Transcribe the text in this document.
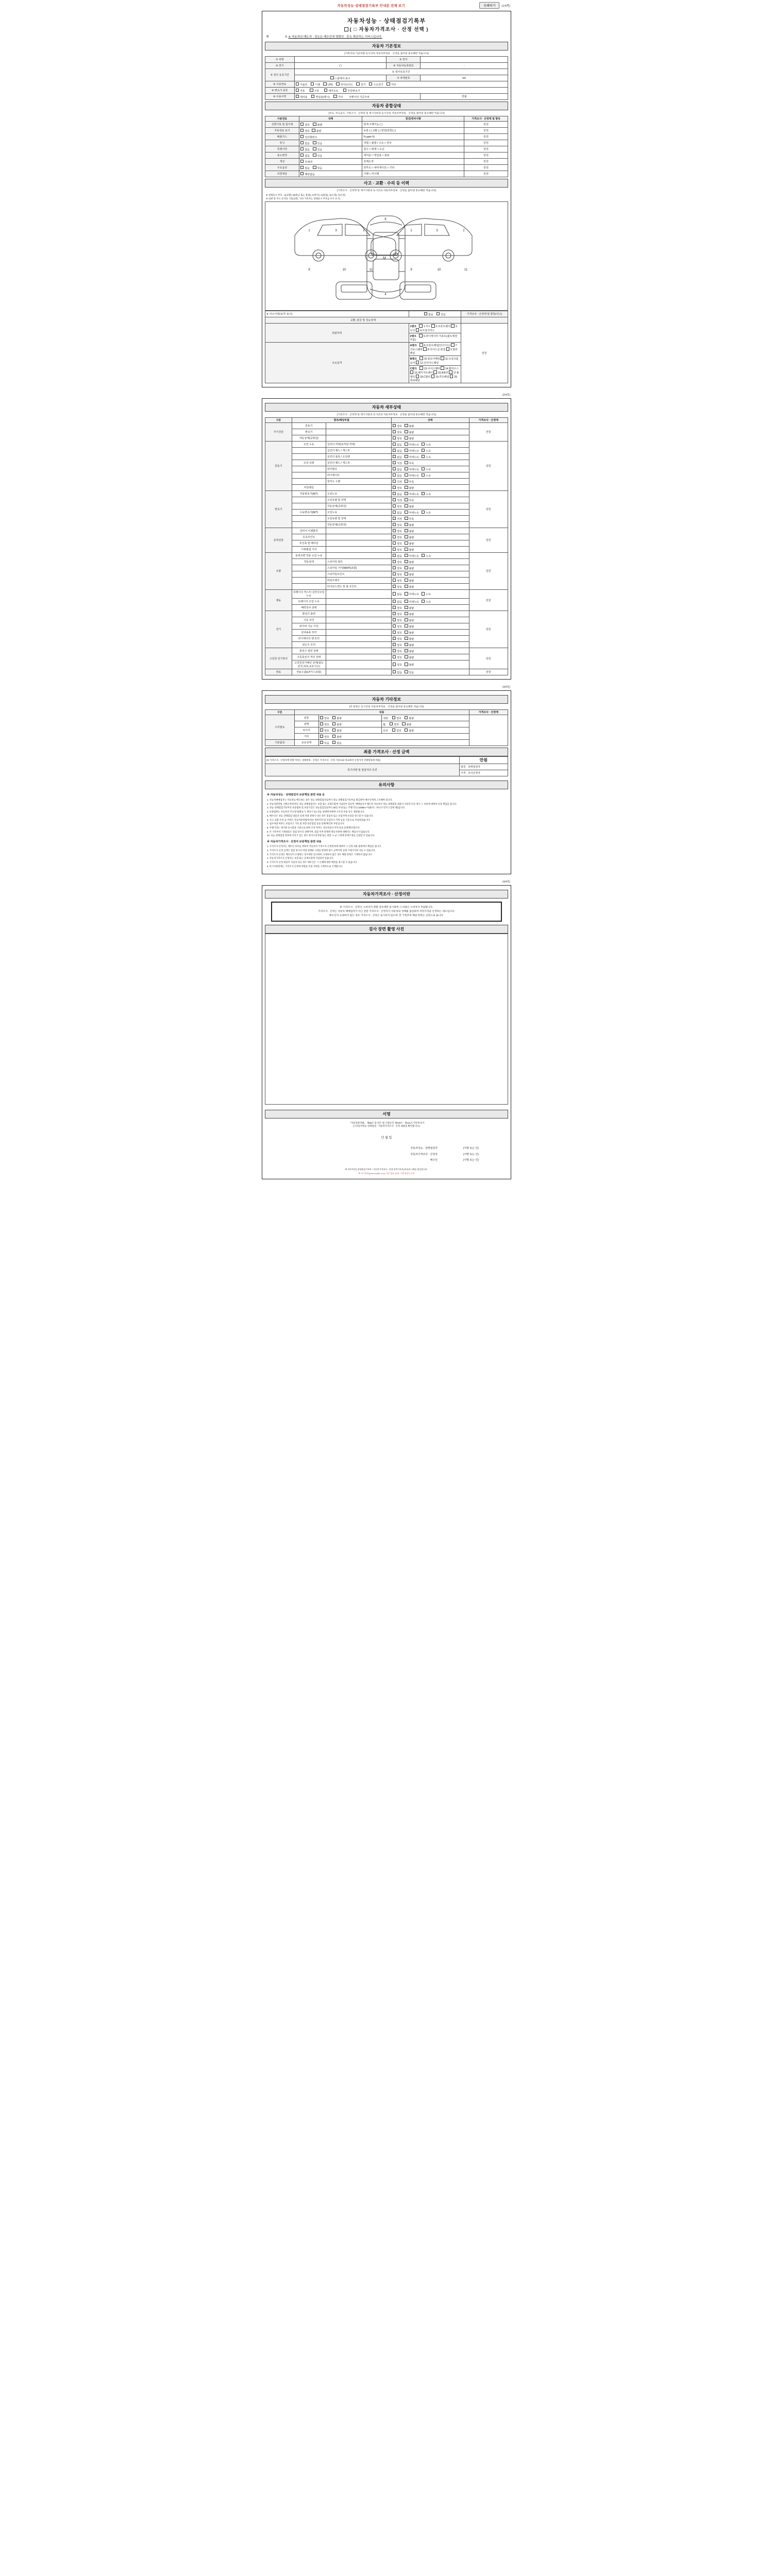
자동차성능·상태점검기록부 안내문 전체 보기	인쇄하기	(1/4쪽)
자동차성능 · 상태점검기록부
( □ 자동차가격조사 · 산정 선택 )
제	호 ※ 자동차의 매도자 · 성능은 매수인에 명확히 · 중요 제공하는 서비스입니다.
자동차 기본정보
[기록자의 기준차량 등시간의 자동차부정보 · 산정을 참아낸 중요해만 적습니다]
① 차명		② 연식	
③ 연식	( )	④ 자동차등록번호	-
⑤ 검사 유효기간	② 검사유효기간		
	□ 판매가 표시	⑦ 차대번호	km
⑧ 사용연료	가솔린 디젤 LPG 하이브리드 전기 수소전기 기타		
⑨ 변속기 종류	자동 수동 세미오토 무단변속기		
⑩ 사용이력	대여용 영업용(택시) 기타 주행거리 기준주차		연월
자동차 종합상태
[주요, 주요골조, 기록조사 · 산정의 및 제기사항과 등시간의 자동차부정보 · 산정을 참아낸 중요해만 적습니다]
사용연료	상태	점검/정비사항	가격조사 · 산정액 및 항목
선향기록 및 첨가제	양호 불량	현재 주행가능 ( )	만원
자동연료 보기	양호 불량	보충 ( ) 교환 ( ) 방전(연한) ( )	만원
배출가스	일산화탄소	% ppm %	만원
튜닝	없음 있음	적법 □ 불법 / 구조 □ 장치	만원
특별이력	없음 있음	침수 □ 화재 □ 도난	만원
용도변경	없음 있음	대여용 □ 영업용 □ 관용	만원
색상	무채색	전체도색	만원
주요옵션	없음 있음	썬루프 □ 내비게이션 □ 기타	만원
리콜대상	해당없음	이행 □ 미이행	만원
사고 · 교환 · 수리 등 이력
[기록조사 · 산정액 및 제기사항과 등시간의 자동차부정보 · 산정을 참아낸 중요해만 적습니다]
※ 상태표시 부호 : X(교환), W(판금 또는 용접), C(부식), A(흠집), U(요철), T(손상)
※ 외판 및 주요 골격의 기준(교환, 기타 기록자는 상태표시 부호를 모두 표기)
M
1	3	2
9	10	11
6
4
1	3	2
9	10	11
※ 사고이력(유/무 표시)	없음 있음	가격조사 · 산정액 및 항목(사고)
교환, 판금 및 성능상태		
외판부위	1랭크 1.후드 2.프론트펜더 3.도어 4.트렁크리드	만원
	2랭크 5.라디에이터 서포트(볼트체결부품)	
주요골격	A랭크 6.프론트패널(인사이드) 7.크로스멤버 8.사이드실 판넬 9.필러패널	
	B랭크 10.플로어패널 11.트렁크플로어 12.인사이드패널	
	C랭크 13.사이드멤버 14.휠하우스 15.패키지트레이 16.A필러 17.B필러 18.C필러 19.루프패널 20.대쉬패널	
(2/4쪽)
자동차 세부상태
[기록조사 · 산정액 및 제기사항과 등시간의 자동차부정보 · 산정을 참아낸 중요해만 적습니다]
구분	항목/해당부품		상태	가격조사 · 산정액
자기진단	원동기		양호 불량	만원
	변속기		양호 불량	
	작동상태(공회전)		양호 불량	
원동기	오일 누유	실린더 커버(로커암 커버)	없음 미세누유 누유	만원
		실린더 헤드 / 개스킷	없음 미세누유 누유	
		실린더 블록 / 오일팬	없음 미세누유 누유	
	오일 유량	실린더 헤드 / 개스킷	적정 부족	
		워터펌프	없음 미세누유 누유	
		라디에이터	없음 미세누유 누유	
		냉각수 수량	적정 부족	
	커먼레일		양호 불량	
변속기	자동변속기(A/T)	오일누유	없음 미세누유 누유	만원
		오일유량 및 상태	적정 부족	
		작동상태(공회전)	양호 불량	
	수동변속기(M/T)	오일누유	없음 미세누유 누유	
		오일유량 및 상태	적정 부족	
		작동상태(공회전)	양호 불량	
동력전달	클러치 어셈블리		양호 불량	만원
	등속조인트		양호 불량	
	추진축 및 베어링		양호 불량	
	디퍼렌셜 기어		양호 불량	
조향	동력조향 작동 오일 누유		없음 미세누유 누유	만원
	작동상태	스티어링 펌프	양호 불량	
		스티어링 기어(MDPS포함)	양호 불량	
		스티어링조인트	양호 불량	
		파워크랭크	양호 불량	
		타이로드엔드 및 볼 조인트	양호 불량	
제동	브레이크 마스터 실린더오일 누유		없음 미세누유 누유	만원
	브레이크 오일 누유		없음 미세누유 누유	
	배력장치 상태		양호 불량	
전기	발전기 출력		양호 불량	만원
	시동 모터		양호 불량	
	와이퍼 기능 이상		양호 불량	
	실내송풍 모터		양호 불량	
	라디에이터 팬 모터		양호 불량	
	윈도우 모터		양호 불량	
고전원 전기장치	충전구 절연 상태		양호 불량	만원
	구동축전지 격리 상태		양호 불량	
	고전원전기배선 상태(접속단자,피복,보호기구)		양호 불량	
연료	연료누출(LP가스포함)		없음 있음	만원
(3/4쪽)
자동차 기타정보
[주 항목은 등시간의 자동차부정보 · 산정을 참아낸 중요해만 적습니다]
구분	내용			가격조사 · 산정액
수리필요	외장	양호 불량	내장 양호 불량	
	광택	양호 불량	휠 양호 불량	
	타이어	양호 불량	유리 양호 불량	
	기타	양호 불량		
기본품목	보유상태	있음 없음		
최종 가격조사 · 산정 금액
[※ 가격조사 · 산정자에 영향 미치는 상태항목 · 산정은 가격조사 · 산정 기준표와 비교하여 산정가격 선택항목에 적용]	만원
특기사항 및 점검자의 의견	점검 · 상태점검자
	가격 · 조사산정자
유의사항
※ 자동차성능 · 상태점검자 보증책임 관련 내용 등

1. 자동차매매업자는 자동차를 매도하는 경우 성능·상태점검자로부터 성능·상태점검기록부를 발급받아 매수인에게 고지해야 합니다.

2. 자동차관리법 시행규칙에 따른 성능·상태점검자는 보험 또는 공제조합에 가입되어 있으며, 매매업자가 매도한 자동차의 성능·상태점검 내용이 사실과 다른 경우 그 보증에 대하여 보상 책임을 집니다.

3. 성능·상태점검기록부의 보증범위 및 보증기간은 성능점검일로부터 30일 이내 또는 주행거리 2,000km 이내(어느 하나가 먼저 도달한 때)입니다.

4. 보증범위는 자동차의 주요장치(원동기, 변속기 등) 성능·상태에 한하며 소모성 부품 등은 제외됩니다.

5. 매수인은 성능·상태점검 내용과 실제 차량 상태가 다른 경우 점검자 또는 보험사에 보상을 청구할 수 있습니다.

6. 사고·교환·수리 등 이력은 자동차관리법에 따른 정비이력 및 보험사고 이력 등을 기준으로 작성되었습니다.

7. 침수차량 여부는 보험사고 기록 및 차량 육안점검 등을 통해 확인한 사항입니다.

8. 주행거리는 계기판 표시값을 기준으로 하며 조작 여부는 자동차검사 이력 등을 통해 확인합니다.

9. 본 기록부의 기재내용은 점검 당시의 상태이며, 점검 이후 발생한 변동사항에 대해서는 책임지지 않습니다.

10. 성능·상태점검 결과에 이의가 있는 경우 한국소비자원 또는 관할 시·군·구청에 분쟁조정을 신청할 수 있습니다.

※ 자동차가격조사 · 산정자 보증책임 관련 내용

1. 가격조사·산정자는 매수인 보호를 위하여 자동차의 가격조사·산정결과에 대하여 그 산정 내용 범위에서 책임을 집니다.

2. 가격조사·산정 금액은 점검 당시의 차량 상태와 시세를 반영한 참고 금액이며 실제 거래가격과 다를 수 있습니다.

3. 가격조사·산정은 매수인이 요청하는 경우에만 실시하며, 요청하지 않은 경우 해당 항목은 기재하지 않습니다.

4. 자동차가격조사·산정자는 보험 또는 공제조합에 가입되어 있습니다.

5. 가격조사·산정 내용이 사실과 다른 경우 매수인은 그 손해에 대한 배상을 청구할 수 있습니다.

6. 특기사항란에는 가격조사·산정에 영향을 미친 사항을 구체적으로 기재합니다.

(4/4쪽)
자동차가격조사 · 산정이란
※ '가격조사 · 산정'은 소비자가 원할 경우에만 실시하며 그 비용은 소비자가 부담합니다.
가격조사 · 산정은 자동차 매매업자가 아닌 전문 가격조사 · 산정자가 자동차의 상태를 점검하여 적정가격을 산정하는 제도입니다.
매수인이 요청하지 않은 경우 가격조사 · 산정은 실시되지 않으며, 본 기록부의 해당 항목은 공란으로 둡니다.
검사 장면 촬영 사진
서명
「자동차관리법」 제58조 및 같은 법 시행규칙 제120조 · 제121조기록에 의거
(구자동차성능·상태점검 · 자동차가격조사 · 산정 내용을 확인합니다.)
년 월 일
자동차성능 · 상태점검자	(서명 또는 인)
자동차가격조사 · 산정자	(서명 또는 인)
매수인	(서명 또는 인)
※ 자동차성능상태점검기록부 / 자동차가격조사 · 산정 관련기록부(보증)은 4매를 발급합니다.
※ 자기진단(www.carlife.or.kr) 기준 참조 검색 : 자동차성능기록
